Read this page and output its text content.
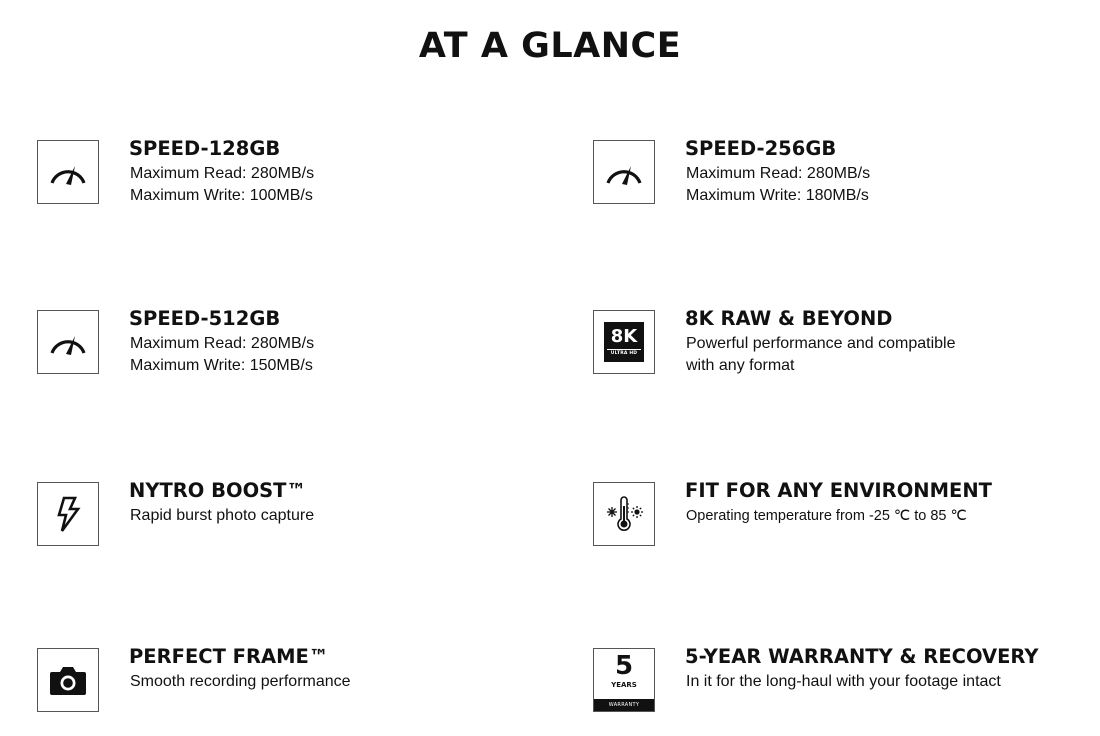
AT A GLANCE
SPEED-128GB
Maximum Read: 280MB/s
Maximum Write: 100MB/s
SPEED-256GB
Maximum Read: 280MB/s
Maximum Write: 180MB/s
SPEED-512GB
Maximum Read: 280MB/s
Maximum Write: 150MB/s
8K
ULTRA HD
8K RAW & BEYOND
Powerful performance and compatible
with any format
NYTRO BOOST™
Rapid burst photo capture
FIT FOR ANY ENVIRONMENT
Operating temperature from -25 ℃ to 85 ℃
PERFECT FRAME™
Smooth recording performance
5
YEARS
WARRANTY
5-YEAR WARRANTY & RECOVERY
In it for the long-haul with your footage intact
